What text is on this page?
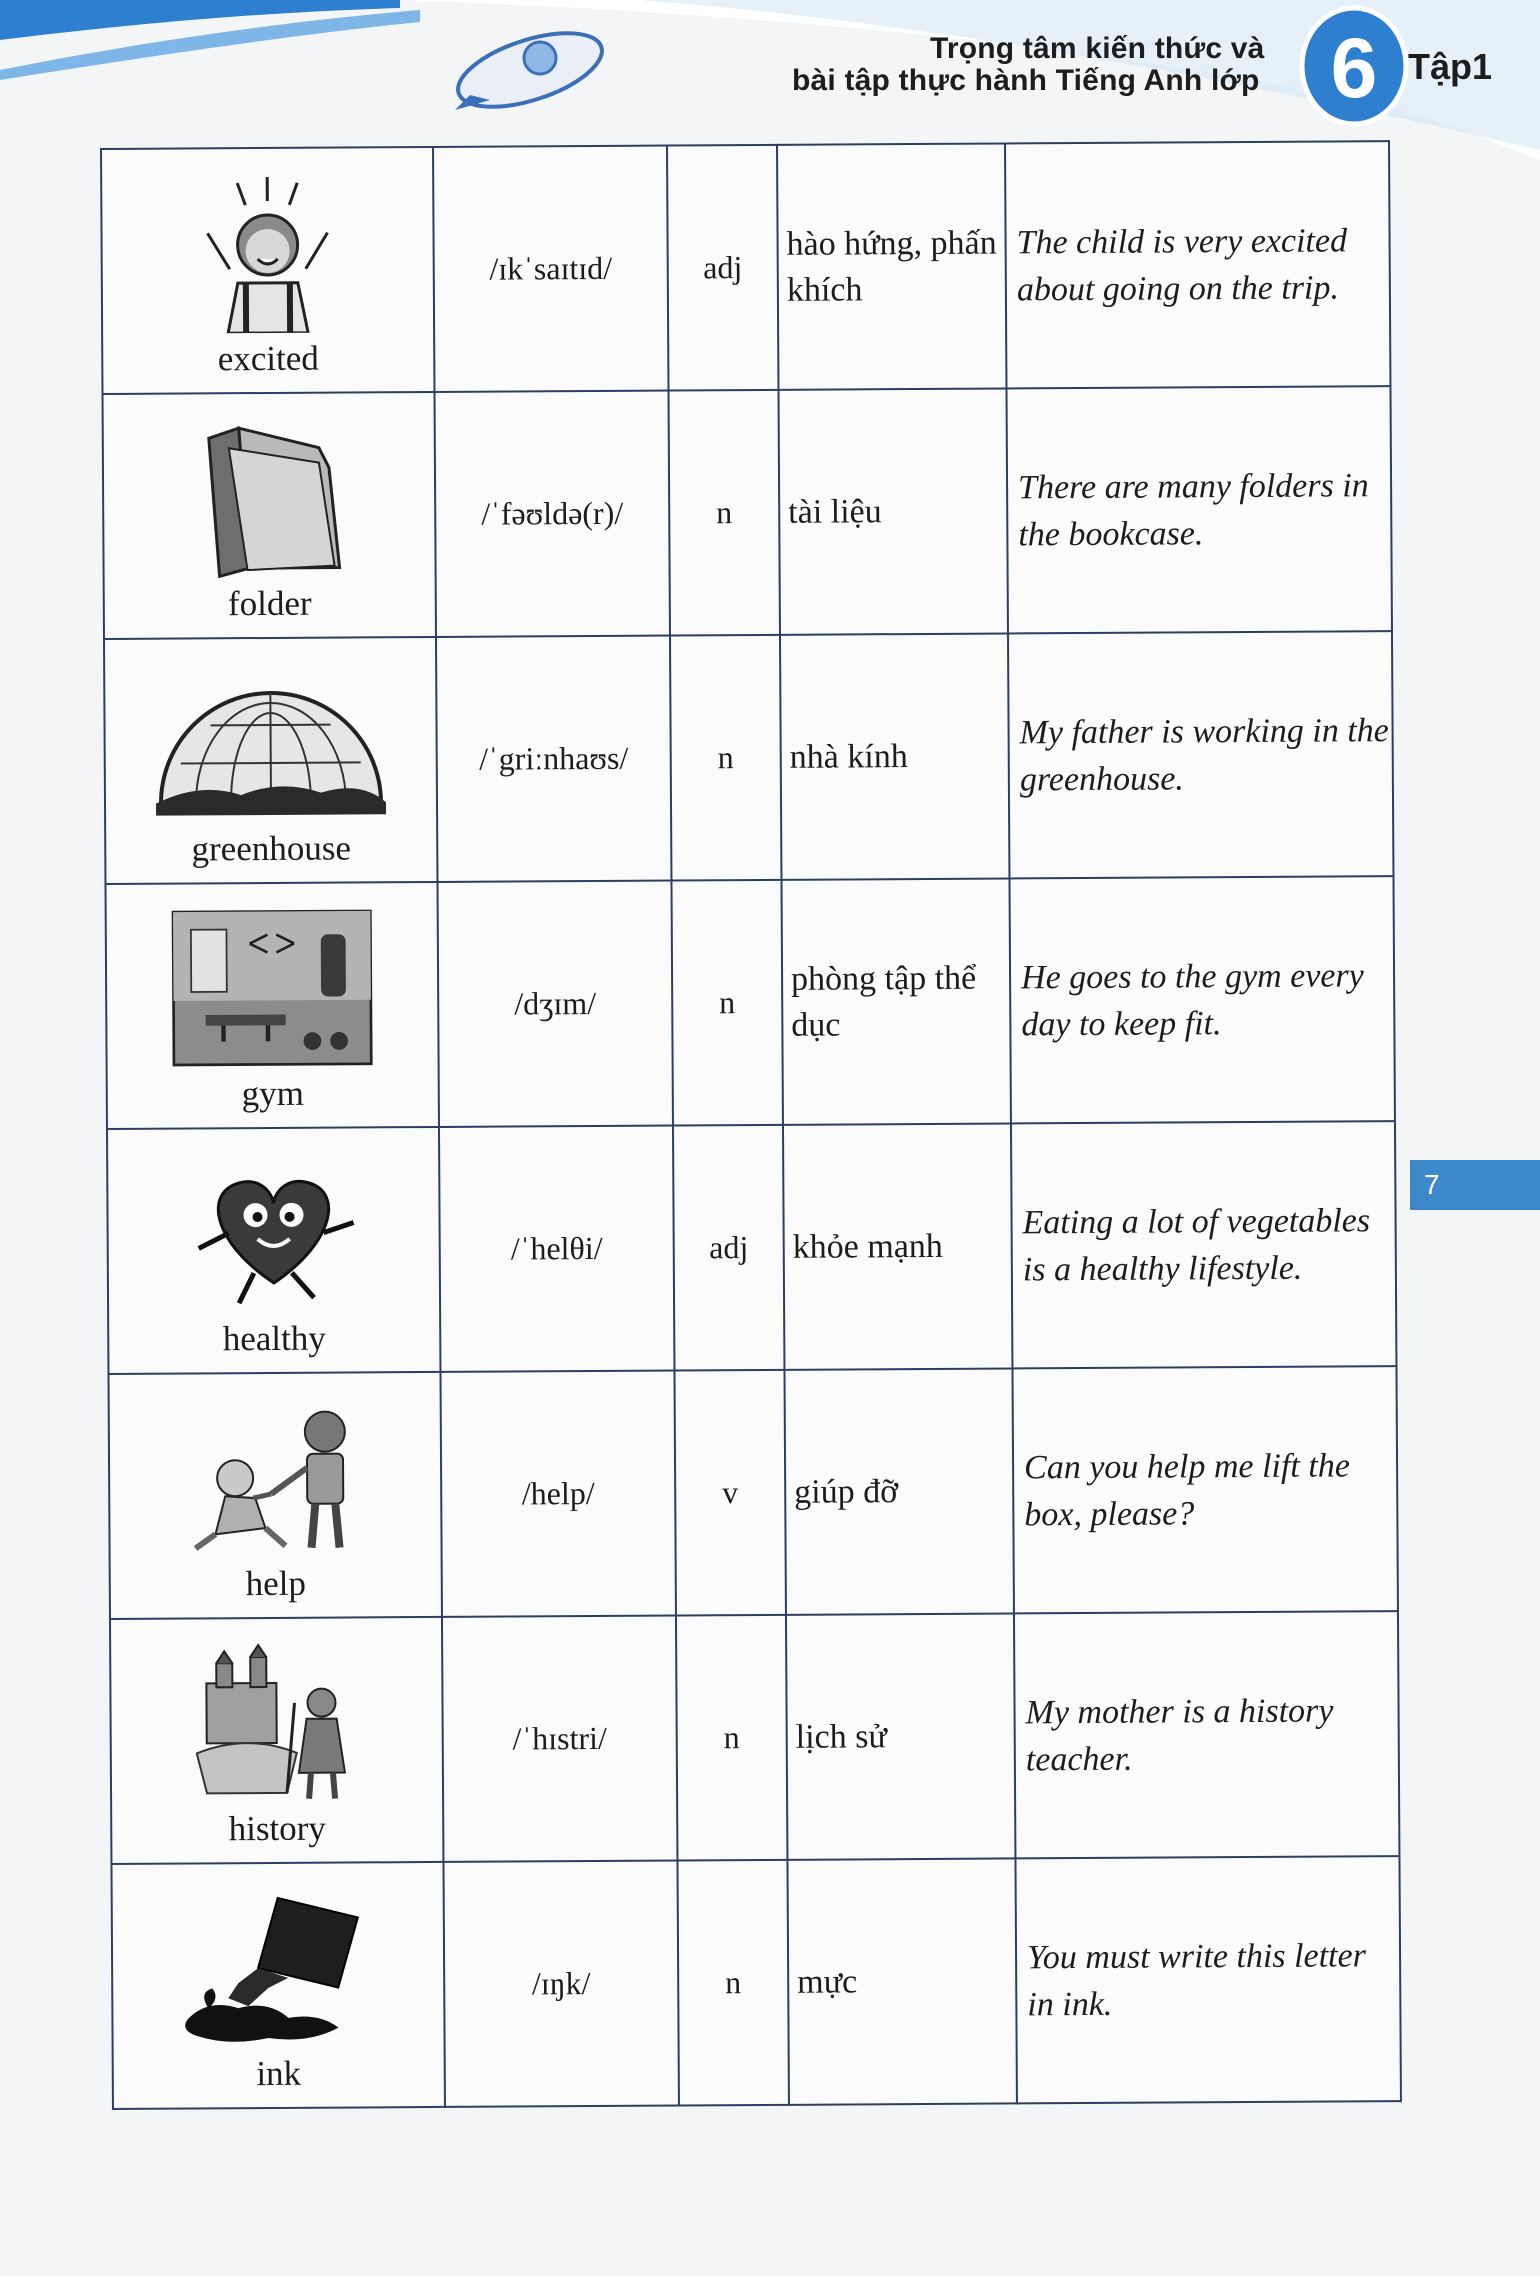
Trọng tâm kiến thức và
bài tập thực hành Tiếng Anh lớp 6 Tập1
7
excited	/ɪkˈsaɪtɪd/	adj	hào hứng, phấn khích	The child is very excited about going on the trip.

folder	/ˈfəʊldə(r)/	n	tài liệu	There are many folders in the bookcase.

greenhouse	/ˈgriːnhaʊs/	n	nhà kính	My father is working in the greenhouse.

gym	/dʒɪm/	n	phòng tập thể dục	He goes to the gym every day to keep fit.

healthy	/ˈhelθi/	adj	khỏe mạnh	Eating a lot of vegetables is a healthy lifestyle.

help	/help/	v	giúp đỡ	Can you help me lift the box, please?

history	/ˈhɪstri/	n	lịch sử	My mother is a history teacher.

ink	/ɪŋk/	n	mực	You must write this letter in ink.
